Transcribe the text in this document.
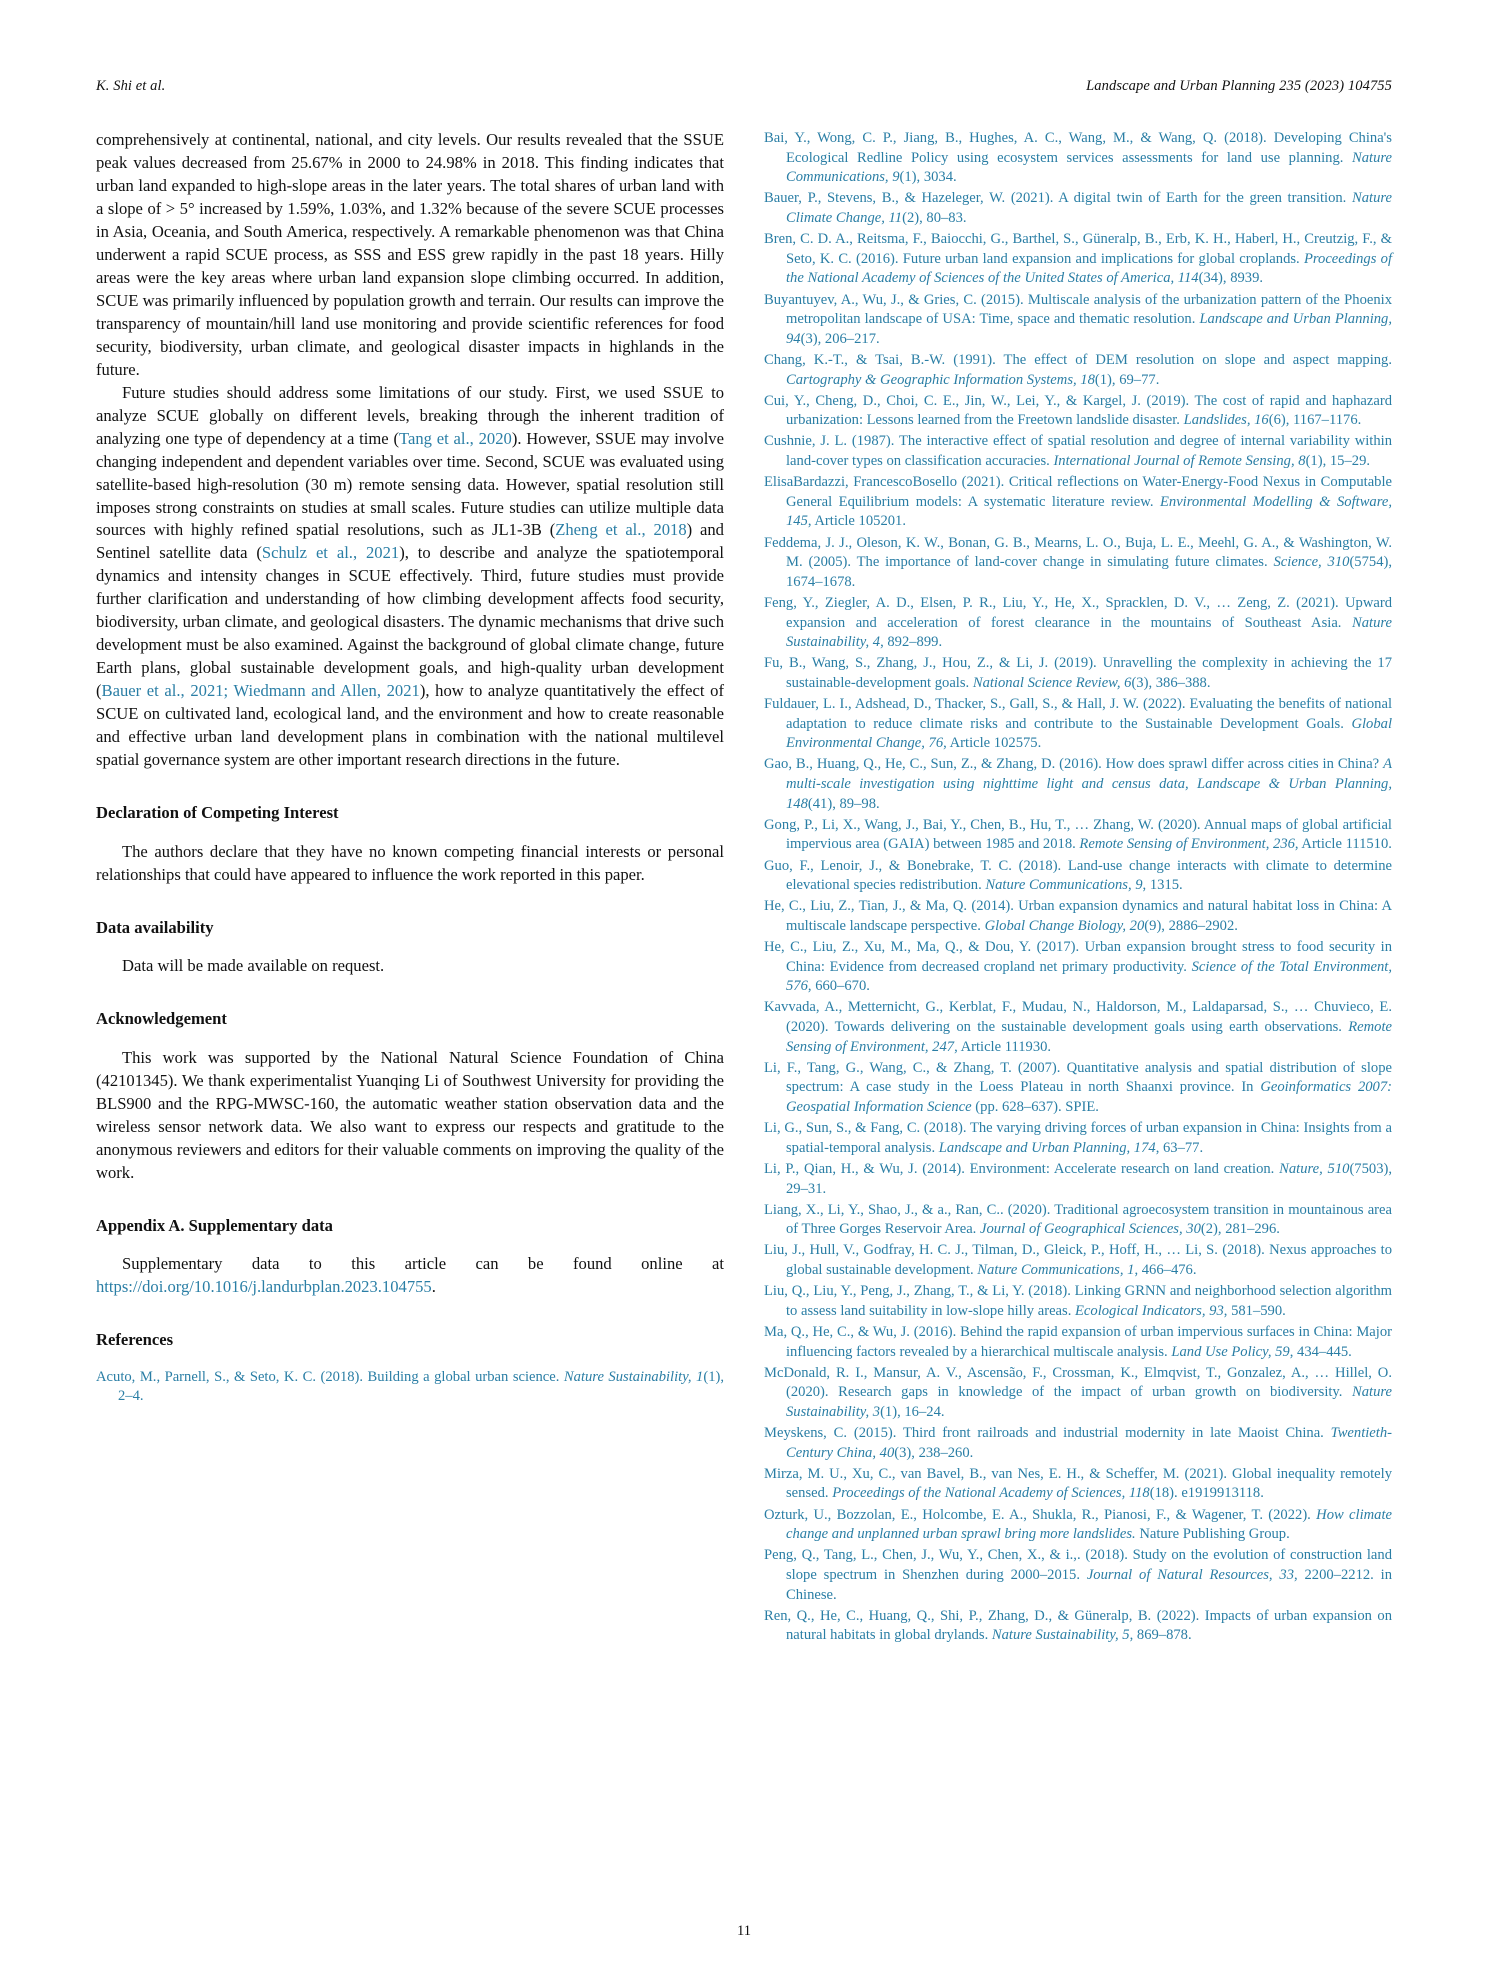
K. Shi et al.	Landscape and Urban Planning 235 (2023) 104755

comprehensively at continental, national, and city levels. Our results revealed that the SSUE peak values decreased from 25.67% in 2000 to 24.98% in 2018. This finding indicates that urban land expanded to high-slope areas in the later years. The total shares of urban land with a slope of > 5° increased by 1.59%, 1.03%, and 1.32% because of the severe SCUE processes in Asia, Oceania, and South America, respectively. A remarkable phenomenon was that China underwent a rapid SCUE process, as SSS and ESS grew rapidly in the past 18 years. Hilly areas were the key areas where urban land expansion slope climbing occurred. In addition, SCUE was primarily influenced by population growth and terrain. Our results can improve the transparency of mountain/hill land use monitoring and provide scientific references for food security, biodiversity, urban climate, and geological disaster impacts in highlands in the future.

Future studies should address some limitations of our study. First, we used SSUE to analyze SCUE globally on different levels, breaking through the inherent tradition of analyzing one type of dependency at a time (Tang et al., 2020). However, SSUE may involve changing independent and dependent variables over time. Second, SCUE was evaluated using satellite-based high-resolution (30 m) remote sensing data. However, spatial resolution still imposes strong constraints on studies at small scales. Future studies can utilize multiple data sources with highly refined spatial resolutions, such as JL1-3B (Zheng et al., 2018) and Sentinel satellite data (Schulz et al., 2021), to describe and analyze the spatiotemporal dynamics and intensity changes in SCUE effectively. Third, future studies must provide further clarification and understanding of how climbing development affects food security, biodiversity, urban climate, and geological disasters. The dynamic mechanisms that drive such development must be also examined. Against the background of global climate change, future Earth plans, global sustainable development goals, and high-quality urban development (Bauer et al., 2021; Wiedmann and Allen, 2021), how to analyze quantitatively the effect of SCUE on cultivated land, ecological land, and the environment and how to create reasonable and effective urban land development plans in combination with the national multilevel spatial governance system are other important research directions in the future.

Declaration of Competing Interest

The authors declare that they have no known competing financial interests or personal relationships that could have appeared to influence the work reported in this paper.

Data availability

Data will be made available on request.

Acknowledgement

This work was supported by the National Natural Science Foundation of China (42101345). We thank experimentalist Yuanqing Li of Southwest University for providing the BLS900 and the RPG-MWSC-160, the automatic weather station observation data and the wireless sensor network data. We also want to express our respects and gratitude to the anonymous reviewers and editors for their valuable comments on improving the quality of the work.

Appendix A. Supplementary data

Supplementary data to this article can be found online at https://doi.org/10.1016/j.landurbplan.2023.104755.

References
Acuto, M., Parnell, S., & Seto, K. C. (2018). Building a global urban science. Nature Sustainability, 1(1), 2–4.
Bai, Y., Wong, C. P., Jiang, B., Hughes, A. C., Wang, M., & Wang, Q. (2018). Developing China's Ecological Redline Policy using ecosystem services assessments for land use planning. Nature Communications, 9(1), 3034.
Bauer, P., Stevens, B., & Hazeleger, W. (2021). A digital twin of Earth for the green transition. Nature Climate Change, 11(2), 80–83.
Bren, C. D. A., Reitsma, F., Baiocchi, G., Barthel, S., Güneralp, B., Erb, K. H., Haberl, H., Creutzig, F., & Seto, K. C. (2016). Future urban land expansion and implications for global croplands. Proceedings of the National Academy of Sciences of the United States of America, 114(34), 8939.
Buyantuyev, A., Wu, J., & Gries, C. (2015). Multiscale analysis of the urbanization pattern of the Phoenix metropolitan landscape of USA: Time, space and thematic resolution. Landscape and Urban Planning, 94(3), 206–217.
Chang, K.-T., & Tsai, B.-W. (1991). The effect of DEM resolution on slope and aspect mapping. Cartography & Geographic Information Systems, 18(1), 69–77.
Cui, Y., Cheng, D., Choi, C. E., Jin, W., Lei, Y., & Kargel, J. (2019). The cost of rapid and haphazard urbanization: Lessons learned from the Freetown landslide disaster. Landslides, 16(6), 1167–1176.
Cushnie, J. L. (1987). The interactive effect of spatial resolution and degree of internal variability within land-cover types on classification accuracies. International Journal of Remote Sensing, 8(1), 15–29.
ElisaBardazzi, FrancescoBosello (2021). Critical reflections on Water-Energy-Food Nexus in Computable General Equilibrium models: A systematic literature review. Environmental Modelling & Software, 145, Article 105201.
Feddema, J. J., Oleson, K. W., Bonan, G. B., Mearns, L. O., Buja, L. E., Meehl, G. A., & Washington, W. M. (2005). The importance of land-cover change in simulating future climates. Science, 310(5754), 1674–1678.
Feng, Y., Ziegler, A. D., Elsen, P. R., Liu, Y., He, X., Spracklen, D. V., … Zeng, Z. (2021). Upward expansion and acceleration of forest clearance in the mountains of Southeast Asia. Nature Sustainability, 4, 892–899.
Fu, B., Wang, S., Zhang, J., Hou, Z., & Li, J. (2019). Unravelling the complexity in achieving the 17 sustainable-development goals. National Science Review, 6(3), 386–388.
Fuldauer, L. I., Adshead, D., Thacker, S., Gall, S., & Hall, J. W. (2022). Evaluating the benefits of national adaptation to reduce climate risks and contribute to the Sustainable Development Goals. Global Environmental Change, 76, Article 102575.
Gao, B., Huang, Q., He, C., Sun, Z., & Zhang, D. (2016). How does sprawl differ across cities in China? A multi-scale investigation using nighttime light and census data, Landscape & Urban Planning, 148(41), 89–98.
Gong, P., Li, X., Wang, J., Bai, Y., Chen, B., Hu, T., … Zhang, W. (2020). Annual maps of global artificial impervious area (GAIA) between 1985 and 2018. Remote Sensing of Environment, 236, Article 111510.
Guo, F., Lenoir, J., & Bonebrake, T. C. (2018). Land-use change interacts with climate to determine elevational species redistribution. Nature Communications, 9, 1315.
He, C., Liu, Z., Tian, J., & Ma, Q. (2014). Urban expansion dynamics and natural habitat loss in China: A multiscale landscape perspective. Global Change Biology, 20(9), 2886–2902.
He, C., Liu, Z., Xu, M., Ma, Q., & Dou, Y. (2017). Urban expansion brought stress to food security in China: Evidence from decreased cropland net primary productivity. Science of the Total Environment, 576, 660–670.
Kavvada, A., Metternicht, G., Kerblat, F., Mudau, N., Haldorson, M., Laldaparsad, S., … Chuvieco, E. (2020). Towards delivering on the sustainable development goals using earth observations. Remote Sensing of Environment, 247, Article 111930.
Li, F., Tang, G., Wang, C., & Zhang, T. (2007). Quantitative analysis and spatial distribution of slope spectrum: A case study in the Loess Plateau in north Shaanxi province. In Geoinformatics 2007: Geospatial Information Science (pp. 628–637). SPIE.
Li, G., Sun, S., & Fang, C. (2018). The varying driving forces of urban expansion in China: Insights from a spatial-temporal analysis. Landscape and Urban Planning, 174, 63–77.
Li, P., Qian, H., & Wu, J. (2014). Environment: Accelerate research on land creation. Nature, 510(7503), 29–31.
Liang, X., Li, Y., Shao, J., & a., Ran, C.. (2020). Traditional agroecosystem transition in mountainous area of Three Gorges Reservoir Area. Journal of Geographical Sciences, 30(2), 281–296.
Liu, J., Hull, V., Godfray, H. C. J., Tilman, D., Gleick, P., Hoff, H., … Li, S. (2018). Nexus approaches to global sustainable development. Nature Communications, 1, 466–476.
Liu, Q., Liu, Y., Peng, J., Zhang, T., & Li, Y. (2018). Linking GRNN and neighborhood selection algorithm to assess land suitability in low-slope hilly areas. Ecological Indicators, 93, 581–590.
Ma, Q., He, C., & Wu, J. (2016). Behind the rapid expansion of urban impervious surfaces in China: Major influencing factors revealed by a hierarchical multiscale analysis. Land Use Policy, 59, 434–445.
McDonald, R. I., Mansur, A. V., Ascensão, F., Crossman, K., Elmqvist, T., Gonzalez, A., … Hillel, O. (2020). Research gaps in knowledge of the impact of urban growth on biodiversity. Nature Sustainability, 3(1), 16–24.
Meyskens, C. (2015). Third front railroads and industrial modernity in late Maoist China. Twentieth-Century China, 40(3), 238–260.
Mirza, M. U., Xu, C., van Bavel, B., van Nes, E. H., & Scheffer, M. (2021). Global inequality remotely sensed. Proceedings of the National Academy of Sciences, 118(18). e1919913118.
Ozturk, U., Bozzolan, E., Holcombe, E. A., Shukla, R., Pianosi, F., & Wagener, T. (2022). How climate change and unplanned urban sprawl bring more landslides. Nature Publishing Group.
Peng, Q., Tang, L., Chen, J., Wu, Y., Chen, X., & i.,. (2018). Study on the evolution of construction land slope spectrum in Shenzhen during 2000–2015. Journal of Natural Resources, 33, 2200–2212. in Chinese.
Ren, Q., He, C., Huang, Q., Shi, P., Zhang, D., & Güneralp, B. (2022). Impacts of urban expansion on natural habitats in global drylands. Nature Sustainability, 5, 869–878.
11
